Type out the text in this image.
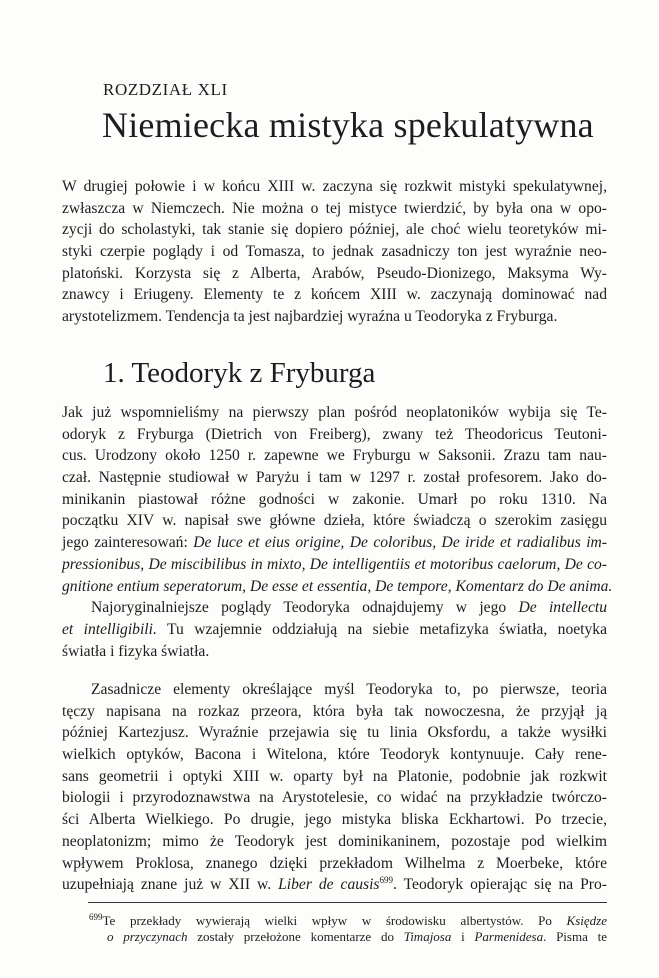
ROZDZIAŁ XLI
Niemiecka mistyka spekulatywna
W drugiej połowie i w końcu XIII w. zaczyna się rozkwit mistyki spekulatywnej,
zwłaszcza w Niemczech. Nie można o tej mistyce twierdzić, by była ona w opo-
zycji do scholastyki, tak stanie się dopiero później, ale choć wielu teoretyków mi-
styki czerpie poglądy i od Tomasza, to jednak zasadniczy ton jest wyraźnie neo-
platoński. Korzysta się z Alberta, Arabów, Pseudo-Dionizego, Maksyma Wy-
znawcy i Eriugeny. Elementy te z końcem XIII w. zaczynają dominować nad
arystotelizmem. Tendencja ta jest najbardziej wyraźna u Teodoryka z Fryburga.
1. Teodoryk z Fryburga
Jak już wspomnieliśmy na pierwszy plan pośród neoplatoników wybija się Te-
odoryk z Fryburga (Dietrich von Freiberg), zwany też Theodoricus Teutoni-
cus. Urodzony około 1250 r. zapewne we Fryburgu w Saksonii. Zrazu tam nau-
czał. Następnie studiował w Paryżu i tam w 1297 r. został profesorem. Jako do-
minikanin piastował różne godności w zakonie. Umarł po roku 1310. Na
początku XIV w. napisał swe główne dzieła, które świadczą o szerokim zasięgu
jego zainteresowań: De luce et eius origine, De coloribus, De iride et radialibus im-
pressionibus, De miscibilibus in mixto, De intelligentiis et motoribus caelorum, De co-
gnitione entium seperatorum, De esse et essentia, De tempore, Komentarz do De anima.
Najoryginalniejsze poglądy Teodoryka odnajdujemy w jego De intellectu
et intelligibili. Tu wzajemnie oddziałują na siebie metafizyka światła, noetyka
światła i fizyka światła.
Zasadnicze elementy określające myśl Teodoryka to, po pierwsze, teoria
tęczy napisana na rozkaz przeora, która była tak nowoczesna, że przyjął ją
później Kartezjusz. Wyraźnie przejawia się tu linia Oksfordu, a także wysiłki
wielkich optyków, Bacona i Witelona, które Teodoryk kontynuuje. Cały rene-
sans geometrii i optyki XIII w. oparty był na Platonie, podobnie jak rozkwit
biologii i przyrodoznawstwa na Arystotelesie, co widać na przykładzie twórczo-
ści Alberta Wielkiego. Po drugie, jego mistyka bliska Eckhartowi. Po trzecie,
neoplatonizm; mimo że Teodoryk jest dominikaninem, pozostaje pod wielkim
wpływem Proklosa, znanego dzięki przekładom Wilhelma z Moerbeke, które
uzupełniają znane już w XII w. Liber de causis$^{699}$. Teodoryk opierając się na Pro-
$^{699}$Te przekłady wywierają wielki wpływ w środowisku albertystów. Po Księdze
o przyczynach zostały przełożone komentarze do Timajosa i Parmenidesa. Pisma te
